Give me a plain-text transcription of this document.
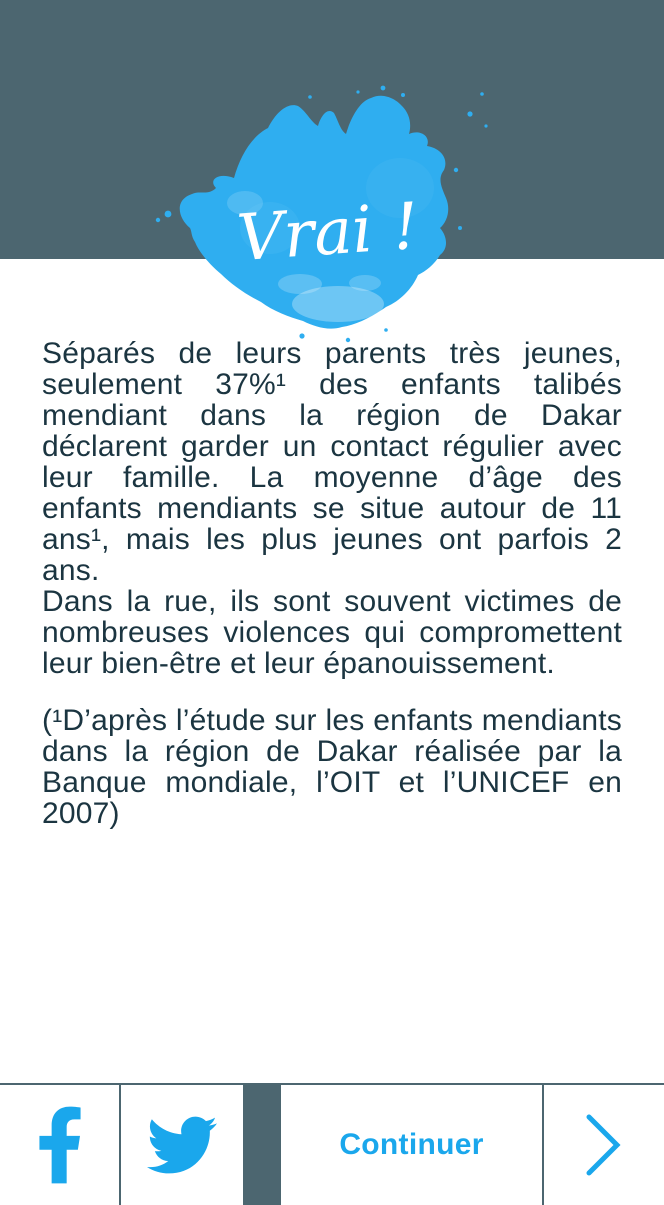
Vrai !

Séparés de leurs parents très jeunes, seulement 37%¹ des enfants talibés mendiant dans la région de Dakar déclarent garder un contact régulier avec leur famille. La moyenne d’âge des enfants mendiants se situe autour de 11 ans¹, mais les plus jeunes ont parfois 2 ans.

Dans la rue, ils sont souvent victimes de nombreuses violences qui compromettent leur bien-être et leur épanouissement.

(¹D’après l’étude sur les enfants mendiants dans la région de Dakar réalisée par la Banque mondiale, l’OIT et l’UNICEF en 2007)

Continuer
